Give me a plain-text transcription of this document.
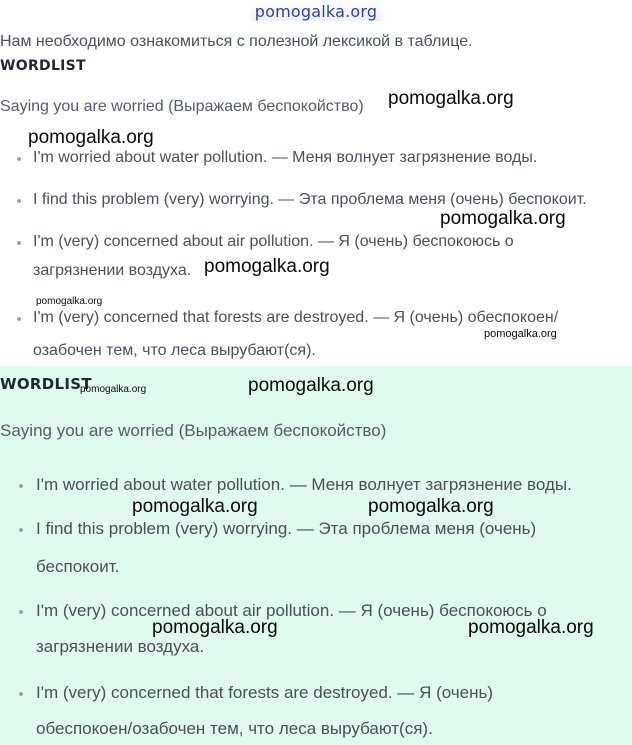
pomogalka.org
Нам необходимо ознакомиться с полезной лексикой в таблице.
WORDLIST
Saying you are worried (Выражаем беспокойство)
I'm worried about water pollution. — Меня волнует загрязнение воды.
I find this problem (very) worrying. — Эта проблема меня (очень) беспокоит.
I'm (very) concerned about air pollution. — Я (очень) беспокоюсь о
загрязнении воздуха.
I'm (very) concerned that forests are destroyed. — Я (очень) обеспокоен/
озабочен тем, что леса вырубают(ся).
WORDLIST
Saying you are worried (Выражаем беспокойство)
I'm worried about water pollution. — Меня волнует загрязнение воды.
I find this problem (very) worrying. — Эта проблема меня (очень)
беспокоит.
I'm (very) concerned about air pollution. — Я (очень) беспокоюсь о
загрязнении воздуха.
I'm (very) concerned that forests are destroyed. — Я (очень)
обеспокоен/озабочен тем, что леса вырубают(ся).
pomogalka.org
pomogalka.org
pomogalka.org
pomogalka.org
pomogalka.org
pomogalka.org
pomogalka.org	pomogalka.org
pomogalka.org	pomogalka.org
pomogalka.org	pomogalka.org
